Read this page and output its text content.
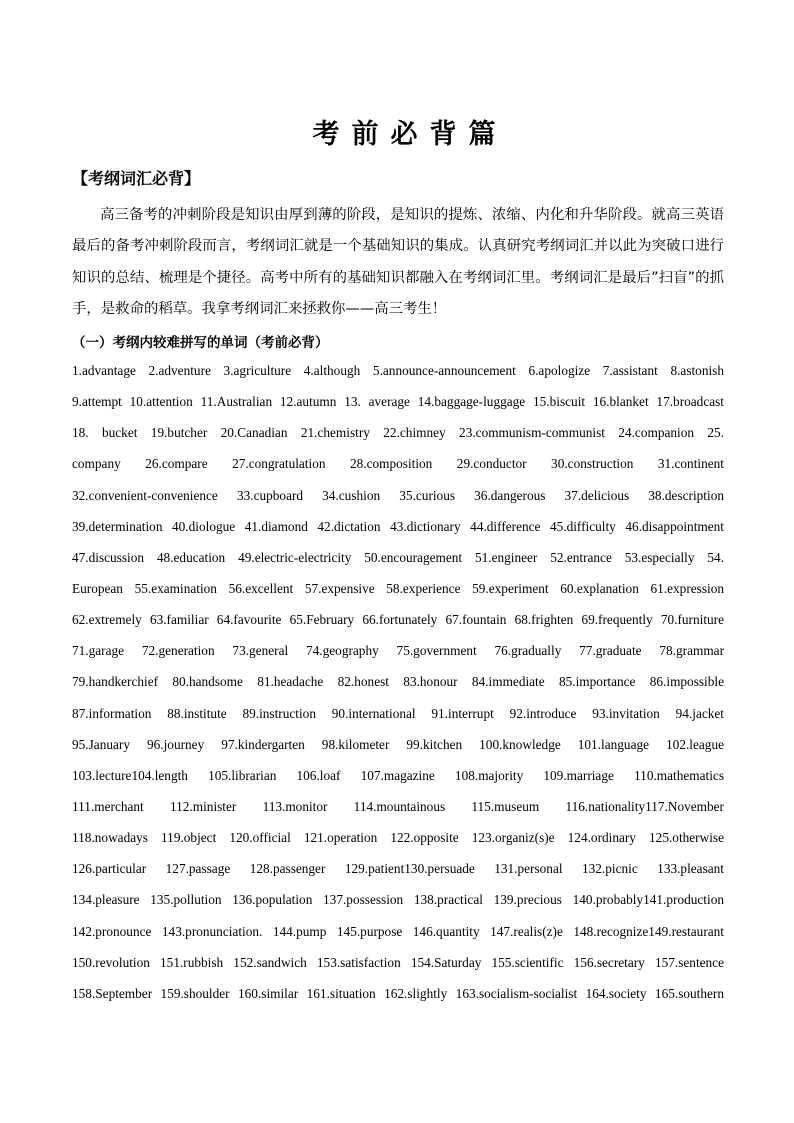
考前必背篇
【考纲词汇必背】

高三备考的冲刺阶段是知识由厚到薄的阶段，是知识的提炼、浓缩、内化和升华阶段。就高三英语最后的备考冲刺阶段而言，考纲词汇就是一个基础知识的集成。认真研究考纲词汇并以此为突破口进行知识的总结、梳理是个捷径。高考中所有的基础知识都融入在考纲词汇里。考纲词汇是最后”扫盲”的抓手，是救命的稻草。我拿考纲词汇来拯救你——高三考生！

（一）考纲内较难拼写的单词（考前必背）
1.advantage 2.adventure 3.agriculture 4.although 5.announce-announcement 6.apologize 7.assistant 8.astonish
9.attempt 10.attention 11.Australian 12.autumn 13. average 14.baggage-luggage 15.biscuit 16.blanket 17.broadcast
18. bucket 19.butcher 20.Canadian 21.chemistry 22.chimney 23.communism-communist 24.companion 25.
company 26.compare 27.congratulation 28.composition 29.conductor 30.construction 31.continent
32.convenient-convenience 33.cupboard 34.cushion 35.curious 36.dangerous 37.delicious 38.description
39.determination 40.diologue 41.diamond 42.dictation 43.dictionary 44.difference 45.difficulty 46.disappointment
47.discussion 48.education 49.electric-electricity 50.encouragement 51.engineer 52.entrance 53.especially 54.
European 55.examination 56.excellent 57.expensive 58.experience 59.experiment 60.explanation 61.expression
62.extremely 63.familiar 64.favourite 65.February 66.fortunately 67.fountain 68.frighten 69.frequently 70.furniture
71.garage 72.generation 73.general 74.geography 75.government 76.gradually 77.graduate 78.grammar
79.handkerchief 80.handsome 81.headache 82.honest 83.honour 84.immediate 85.importance 86.impossible
87.information 88.institute 89.instruction 90.international 91.interrupt 92.introduce 93.invitation 94.jacket
95.January 96.journey 97.kindergarten 98.kilometer 99.kitchen 100.knowledge 101.language 102.league
103.lecture104.length 105.librarian 106.loaf 107.magazine 108.majority 109.marriage 110.mathematics
111.merchant 112.minister 113.monitor 114.mountainous 115.museum 116.nationality117.November
118.nowadays 119.object 120.official 121.operation 122.opposite 123.organiz(s)e 124.ordinary 125.otherwise
126.particular 127.passage 128.passenger 129.patient130.persuade 131.personal 132.picnic 133.pleasant
134.pleasure 135.pollution 136.population 137.possession 138.practical 139.precious 140.probably141.production
142.pronounce 143.pronunciation. 144.pump 145.purpose 146.quantity 147.realis(z)e 148.recognize149.restaurant
150.revolution 151.rubbish 152.sandwich 153.satisfaction 154.Saturday 155.scientific 156.secretary 157.sentence
158.September 159.shoulder 160.similar 161.situation 162.slightly 163.socialism-socialist 164.society 165.southern
